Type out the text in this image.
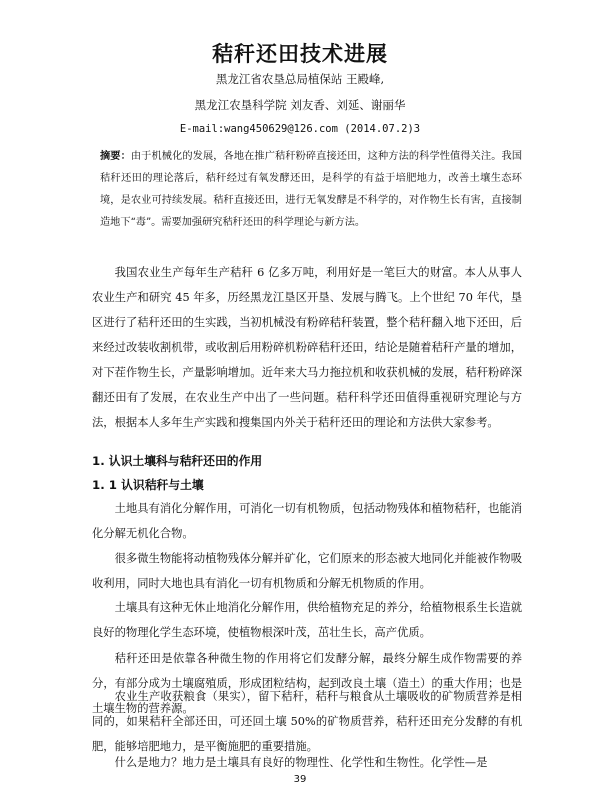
秸秆还田技术进展
黑龙江省农垦总局植保站 王殿峰,
黑龙江农垦科学院 刘友香、刘延、谢丽华
E-mail:wang450629@126.com (2014.07.2)3
摘要：由于机械化的发展，各地在推广秸秆粉碎直接还田，这种方法的科学性值得关注。我国秸秆还田的理论落后，秸秆经过有氧发酵还田，是科学的有益于培肥地力，改善土壤生态环境，是农业可持续发展。秸秆直接还田，进行无氧发酵是不科学的，对作物生长有害，直接制造地下“毒”。需要加强研究秸秆还田的科学理论与新方法。

我国农业生产每年生产秸秆 6 亿多万吨，利用好是一笔巨大的财富。本人从事人农业生产和研究 45 年多，历经黑龙江垦区开垦、发展与腾飞。上个世纪 70 年代，垦区进行了秸秆还田的生实践，当初机械没有粉碎秸秆装置，整个秸秆翻入地下还田，后来经过改装收割机带，或收割后用粉碎机粉碎秸秆还田，结论是随着秸秆产量的增加，对下茬作物生长，产量影响增加。近年来大马力拖拉机和收获机械的发展，秸秆粉碎深翻还田有了发展，在农业生产中出了一些问题。秸秆科学还田值得重视研究理论与方法，根据本人多年生产实践和搜集国内外关于秸秆还田的理论和方法供大家参考。

1. 认识土壤科与秸秆还田的作用
1. 1 认识秸秆与土壤

土地具有消化分解作用，可消化一切有机物质，包括动物残体和植物秸秆，也能消化分解无机化合物。

很多微生物能将动植物残体分解并矿化，它们原来的形态被大地同化并能被作物吸收利用，同时大地也具有消化一切有机物质和分解无机物质的作用。

土壤具有这种无休止地消化分解作用，供给植物充足的养分，给植物根系生长造就良好的物理化学生态环境，使植物根深叶茂，茁壮生长，高产优质。

秸秆还田是依靠各种微生物的作用将它们发酵分解，最终分解生成作物需要的养分，有部分成为土壤腐殖质，形成团粒结构，起到改良土壤（造土）的重大作用；也是土壤生物的营养源。

农业生产收获粮食（果实），留下秸秆，秸秆与粮食从土壤吸收的矿物质营养是相同的，如果秸秆全部还田，可还回土壤 50%的矿物质营养，秸秆还田充分发酵的有机肥，能够培肥地力，是平衡施肥的重要措施。

什么是地力？地力是土壤具有良好的物理性、化学性和生物性。化学性—是

39
